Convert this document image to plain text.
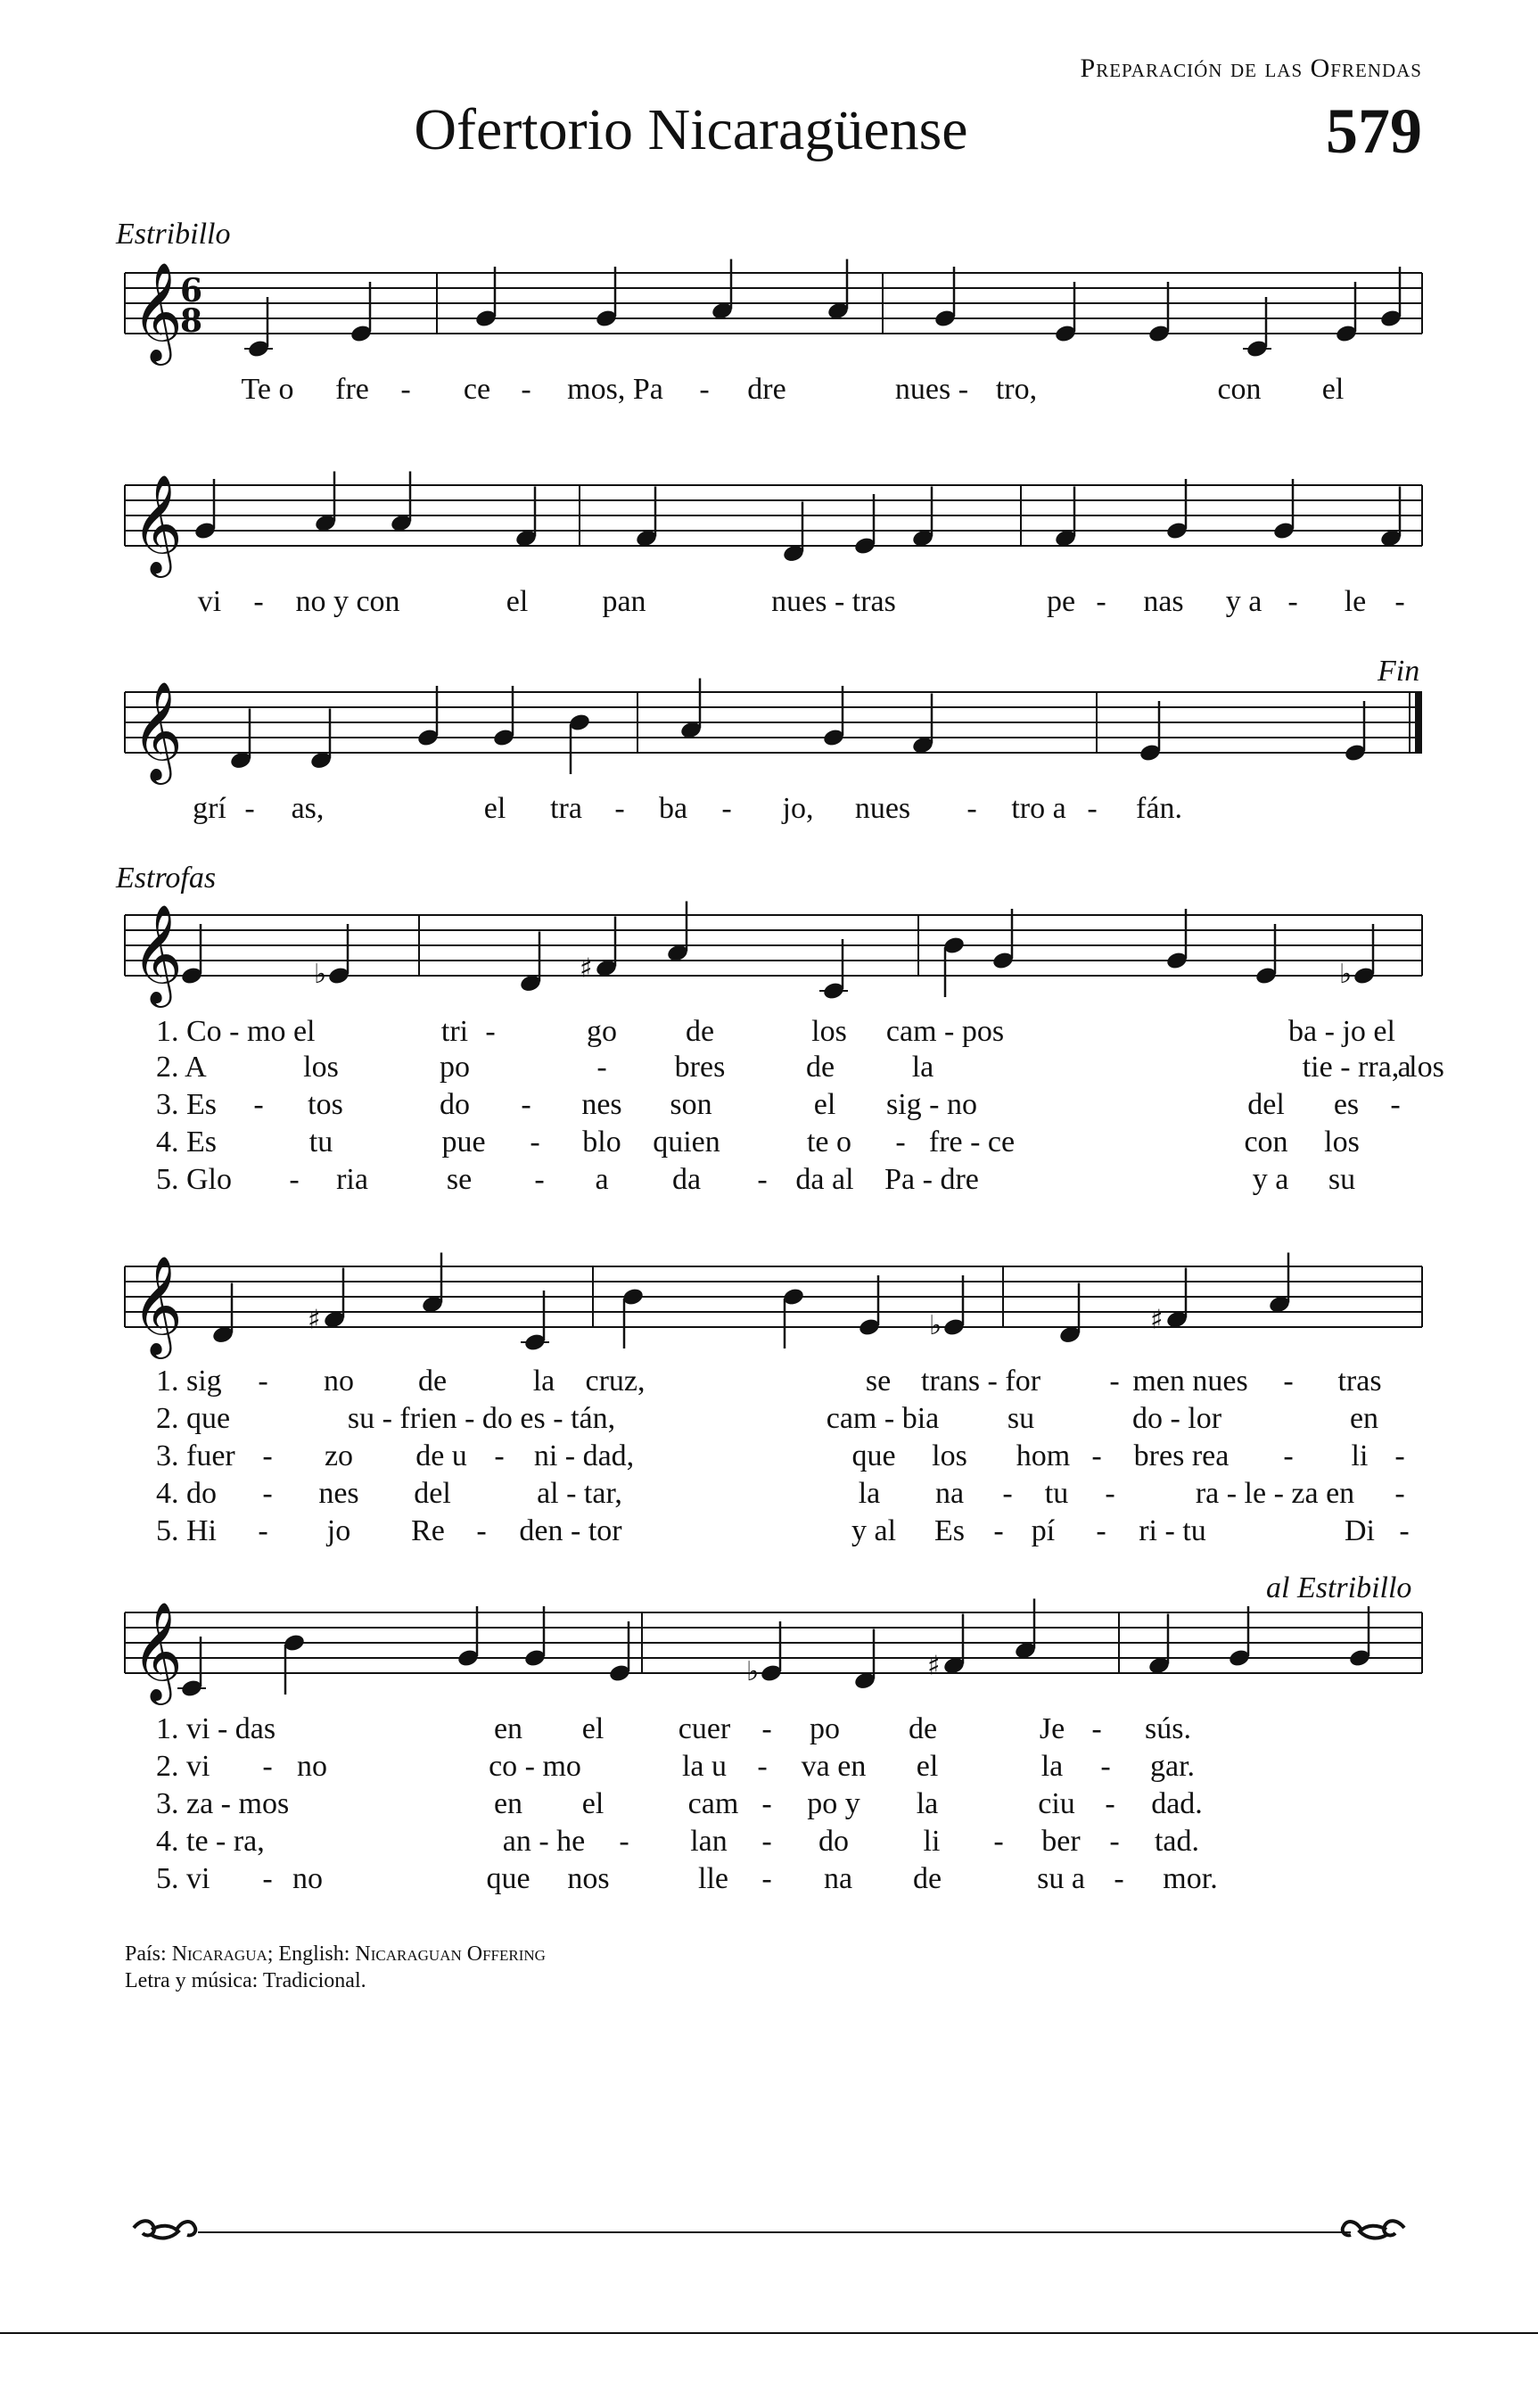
Preparación de las Ofrendas
Ofertorio Nicaragüense	579
Estribillo
Fin
Estrofas
al Estribillo
𝄞
6
8
𝄞
𝄞
𝄞	♭	♯	♭
𝄞	♯	♭	♯
𝄞	♭	♯
Te o fre - ce - mos, Pa - dre	nues - tro,	con el
vi - no y con	el pan	nues - tras	pe - nas y a - le -
grí - as,	el tra - ba - jo, nues - tro a - fán.
1. Co - mo el	tri -	go de	los cam - pos	ba - jo el
2. A	los	po	- bres	de	la	tie - rra,
a
los
3. Es - tos	do - nes son	el sig - no	del es -
4. Es	tu	pue - blo quien	te o - fre - ce	con los
5. Glo - ria	se - a da - da al Pa - dre	y a su
1. sig - no de	la cruz,	se trans - for - men nues - tras
2. que	su - frien - do es - tán,	cam - bia su	do - lor	en
3. fuer - zo de u - ni - dad,	que los hom - bres rea - li -
4. do - nes del	al - tar,	la na - tu -	ra - le - za en -
5. Hi - jo Re - den - tor	y al Es - pí - ri - tu	Di -
1. vi - das	en el cuer - po de	Je - sús.
2. vi - no	co - mo	la u - va en el	la - gar.
3. za - mos	en el	cam - po y la	ciu - dad.
4. te - ra,	an - he - lan - do li - ber - tad.
5. vi - no	que nos	lle - na de	su a - mor.
País: Nicaragua; English: Nicaraguan Offering
Letra y música: Tradicional.
